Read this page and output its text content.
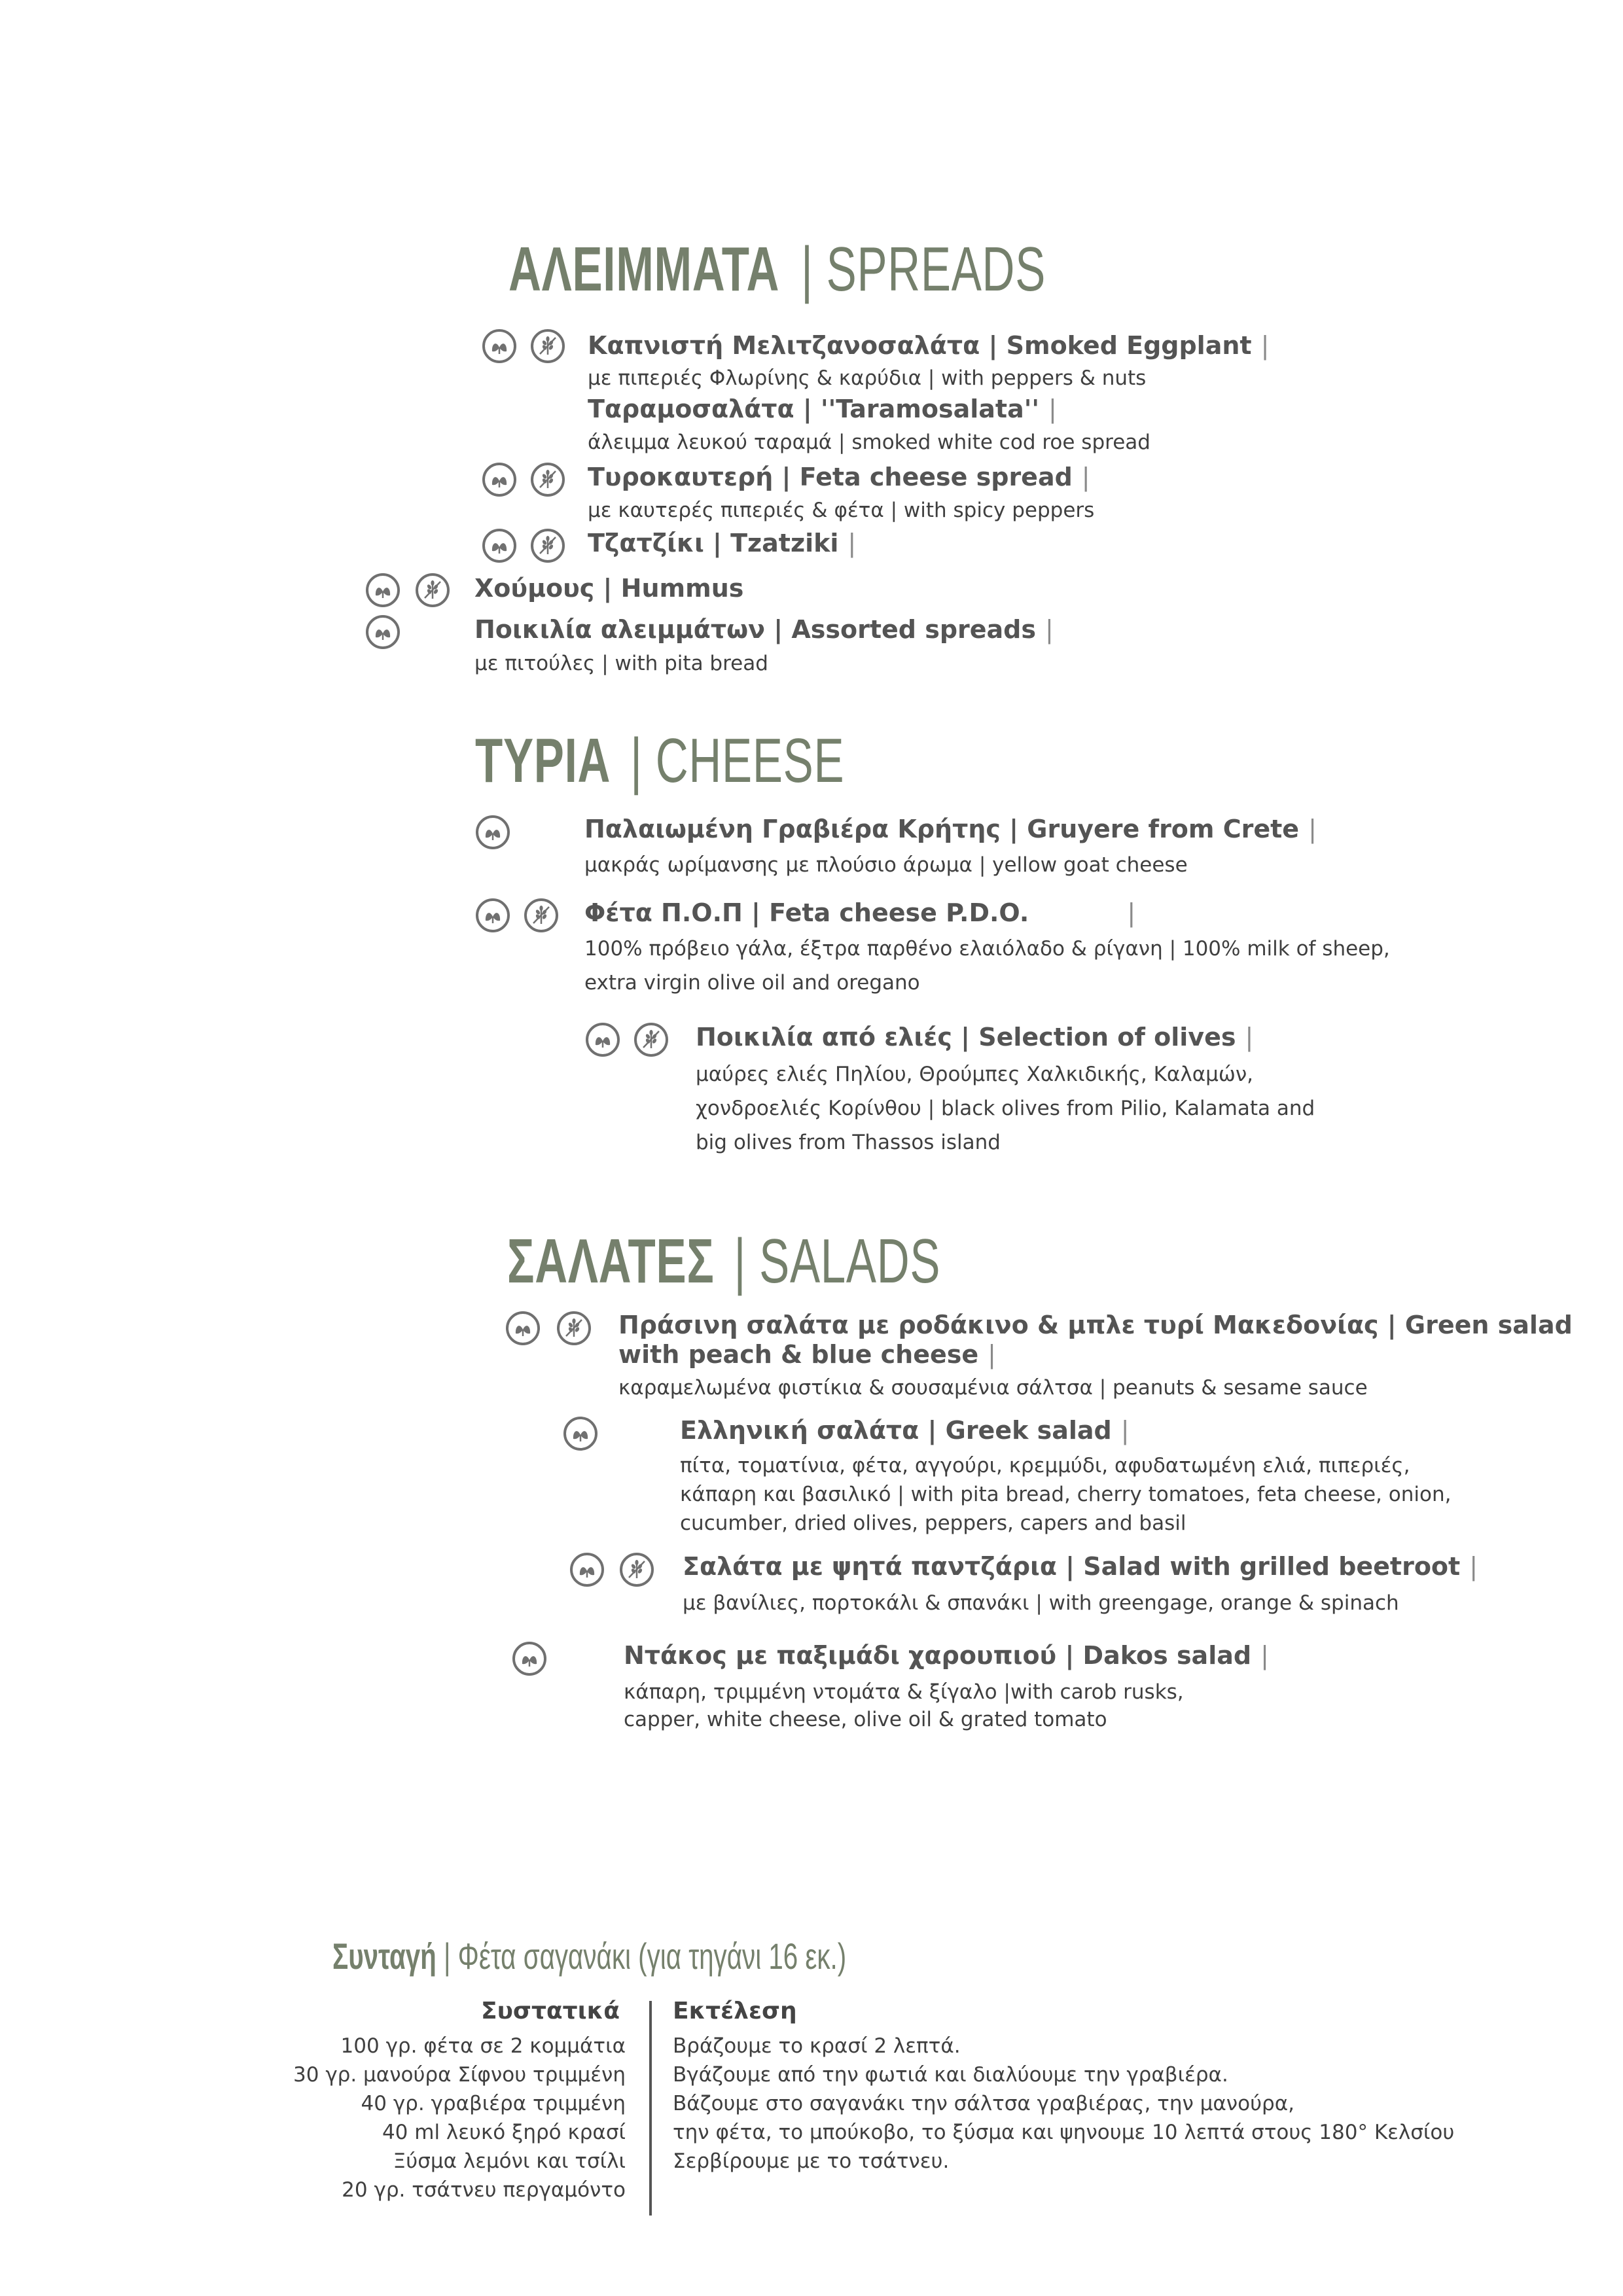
ΑΛΕΙΜΜΑΤΑ | SPREADS
Καπνιστή Μελιτζανοσαλάτα | Smoked Eggplant |
με πιπεριές Φλωρίνης & καρύδια | with peppers & nuts
Ταραμοσαλάτα | ''Taramosalata'' |
άλειμμα λευκού ταραμά | smoked white cod roe spread
Τυροκαυτερή | Feta cheese spread |
με καυτερές πιπεριές & φέτα | with spicy peppers
Τζατζίκι | Tzatziki |
Χούμους | Hummus
Ποικιλία αλειμμάτων | Assorted spreads |
με πιτούλες | with pita bread
ΤΥΡΙΑ | CHEESE
Παλαιωμένη Γραβιέρα Κρήτης | Gruyere from Crete |
μακράς ωρίμανσης με πλούσιο άρωμα | yellow goat cheese
Φέτα Π.Ο.Π | Feta cheese P.D.O.	|
100% πρόβειο γάλα, έξτρα παρθένο ελαιόλαδο & ρίγανη | 100% milk of sheep,
extra virgin olive oil and oregano
Ποικιλία από ελιές | Selection of olives |
μαύρες ελιές Πηλίου, Θρούμπες Χαλκιδικής, Καλαμών,
χονδροελιές Κορίνθου | black olives from Pilio, Kalamata and
big olives from Thassos island
ΣΑΛΑΤΕΣ | SALADS
Πράσινη σαλάτα με ροδάκινο & μπλε τυρί Μακεδονίας | Green salad
with peach & blue cheese |
καραμελωμένα φιστίκια & σουσαμένια σάλτσα | peanuts & sesame sauce
Ελληνική σαλάτα | Greek salad |
πίτα, τοματίνια, φέτα, αγγούρι, κρεμμύδι, αφυδατωμένη ελιά, πιπεριές,
κάπαρη και βασιλικό | with pita bread, cherry tomatoes, feta cheese, onion,
cucumber, dried olives, peppers, capers and basil
Σαλάτα με ψητά παντζάρια | Salad with grilled beetroot |
με βανίλιες, πορτοκάλι & σπανάκι | with greengage, orange & spinach
Ντάκος με παξιμάδι χαρουπιού | Dakos salad |
κάπαρη, τριμμένη ντομάτα & ξίγαλο |with carob rusks,
capper, white cheese, olive oil & grated tomato
Συνταγή | Φέτα σαγανάκι (για τηγάνι 16 εκ.)
Συστατικά
100 γρ. φέτα σε 2 κομμάτια
30 γρ. μανούρα Σίφνου τριμμένη
40 γρ. γραβιέρα τριμμένη
40 ml λευκό ξηρό κρασί
Ξύσμα λεμόνι και τσίλι
20 γρ. τσάτνευ περγαμόντο
Εκτέλεση
Βράζουμε το κρασί 2 λεπτά.
Βγάζουμε από την φωτιά και διαλύουμε την γραβιέρα.
Βάζουμε στο σαγανάκι την σάλτσα γραβιέρας, την μανούρα,
την φέτα, το μπούκοβο, το ξύσμα και ψηνουμε 10 λεπτά στους 180° Κελσίου
Σερβίρουμε με το τσάτνευ.
